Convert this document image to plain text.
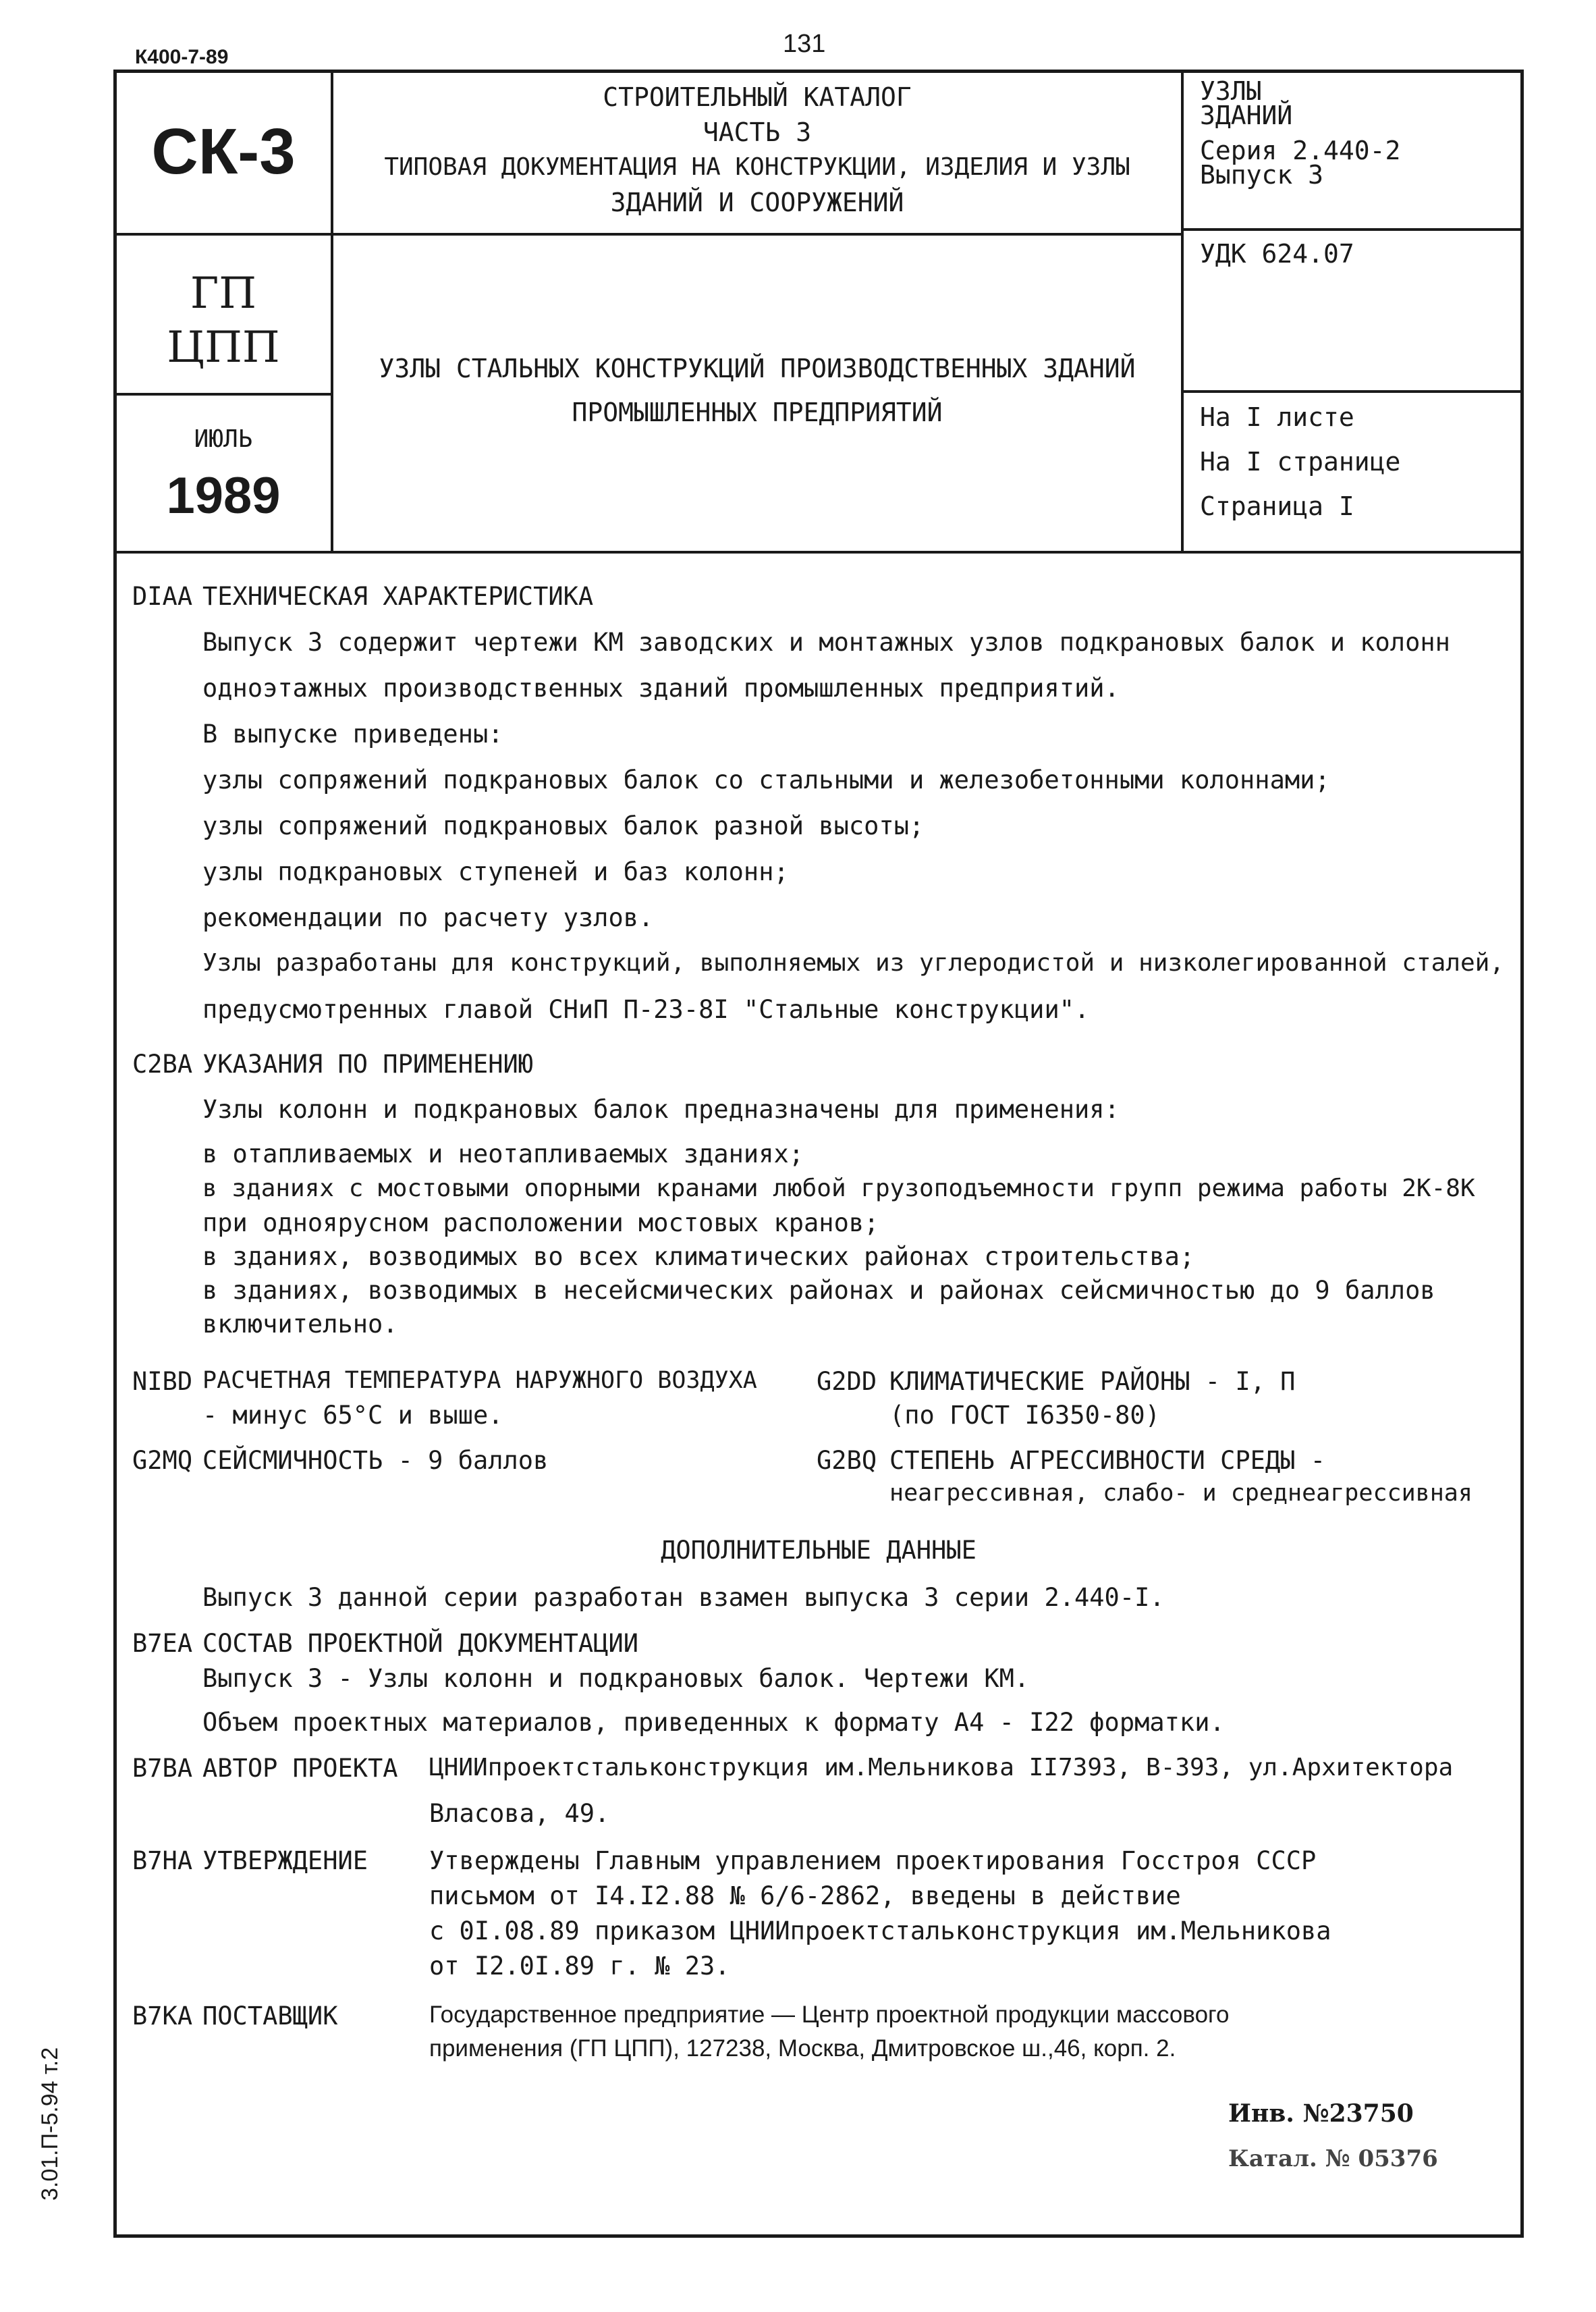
К400-7-89	131
3.01.П-5.94 т.2
СК-3
ГП
ЦПП
ИЮЛЬ
1989
СТРОИТЕЛЬНЫЙ КАТАЛОГ
ЧАСТЬ 3
ТИПОВАЯ ДОКУМЕНТАЦИЯ НА КОНСТРУКЦИИ, ИЗДЕЛИЯ И УЗЛЫ
ЗДАНИЙ И СООРУЖЕНИЙ
УЗЛЫ СТАЛЬНЫХ КОНСТРУКЦИЙ ПРОИЗВОДСТВЕННЫХ ЗДАНИЙ
ПРОМЫШЛЕННЫХ ПРЕДПРИЯТИЙ
УЗЛЫ
ЗДАНИЙ
Серия 2.440-2
Выпуск 3
УДК 624.07
На I листе
На I странице
Страница I
DIAA ТЕХНИЧЕСКАЯ ХАРАКТЕРИСТИКА
Выпуск 3 содержит чертежи КМ заводских и монтажных узлов подкрановых балок и колонн
одноэтажных производственных зданий промышленных предприятий.
В выпуске приведены:
узлы сопряжений подкрановых балок со стальными и железобетонными колоннами;
узлы сопряжений подкрановых балок разной высоты;
узлы подкрановых ступеней и баз колонн;
рекомендации по расчету узлов.
Узлы разработаны для конструкций, выполняемых из углеродистой и низколегированной сталей,
предусмотренных главой СНиП П-23-8I "Стальные конструкции".
C2BA УКАЗАНИЯ ПО ПРИМЕНЕНИЮ
Узлы колонн и подкрановых балок предназначены для применения:
в отапливаемых и неотапливаемых зданиях;
в зданиях с мостовыми опорными кранами любой грузоподъемности групп режима работы 2К-8К
при одноярусном расположении мостовых кранов;
в зданиях, возводимых во всех климатических районах строительства;
в зданиях, возводимых в несейсмических районах и районах сейсмичностью до 9 баллов
включительно.
NIBD РАСЧЕТНАЯ ТЕМПЕРАТУРА НАРУЖНОГО ВОЗДУХА
- минус 65°С и выше.
G2MQ СЕЙСМИЧНОСТЬ - 9 баллов
G2DD КЛИМАТИЧЕСКИЕ РАЙОНЫ - I, П
(по ГОСТ I6350-80)
G2BQ СТЕПЕНЬ АГРЕССИВНОСТИ СРЕДЫ -
неагрессивная, слабо- и среднеагрессивная
ДОПОЛНИТЕЛЬНЫЕ ДАННЫЕ
Выпуск 3 данной серии разработан взамен выпуска 3 серии 2.440-I.
B7EA СОСТАВ ПРОЕКТНОЙ ДОКУМЕНТАЦИИ
Выпуск 3 - Узлы колонн и подкрановых балок. Чертежи КМ.
Объем проектных материалов, приведенных к формату А4 - I22 форматки.
B7BA АВТОР ПРОЕКТА ЦНИИпроектстальконструкция им.Мельникова II7393, В-393, ул.Архитектора
Власова, 49.
B7HA УТВЕРЖДЕНИЕ Утверждены Главным управлением проектирования Госстроя СССР
письмом от I4.I2.88 № 6/6-2862, введены в действие
с 0I.08.89 приказом ЦНИИпроектстальконструкция им.Мельникова
от I2.0I.89 г. № 23.
B7KA ПОСТАВЩИК	Государственное предприятие — Центр проектной продукции массового
применения (ГП ЦПП), 127238, Москва, Дмитровское ш.,46, корп. 2.
Инв. №23750
Катал. № 05376
